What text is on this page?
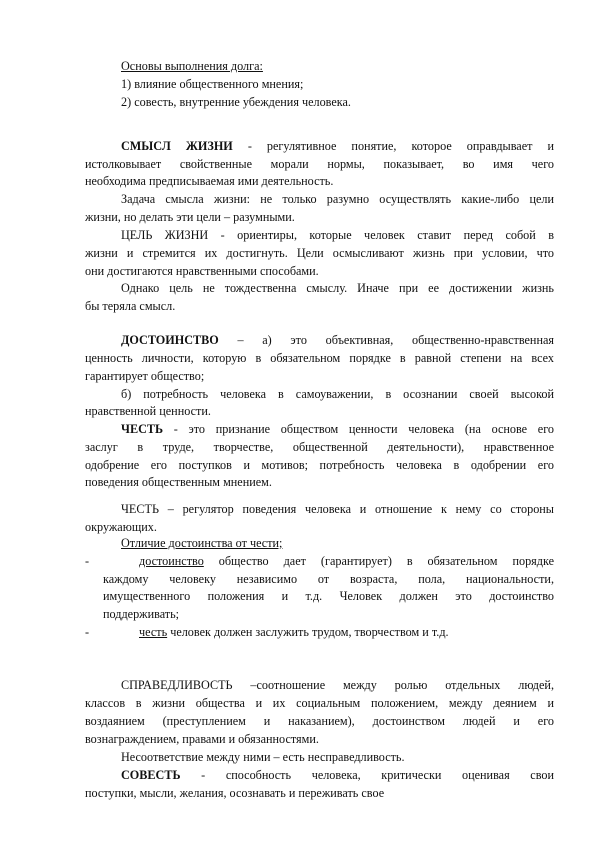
Основы выполнения долга:
1) влияние общественного мнения;
2) совесть, внутренние убеждения человека.
СМЫСЛ ЖИЗНИ - регулятивное понятие, которое оправдывает и
истолковывает свойственные морали нормы, показывает, во имя чего
необходима предписываемая ими деятельность.
Задача смысла жизни: не только разумно осуществлять какие-либо цели
жизни, но делать эти цели – разумными.
ЦЕЛЬ ЖИЗНИ - ориентиры, которые человек ставит перед собой в
жизни и стремится их достигнуть. Цели осмысливают жизнь при условии, что
они достигаются нравственными способами.
Однако цель не тождественна смыслу. Иначе при ее достижении жизнь
бы теряла смысл.
ДОСТОИНСТВО – а) это объективная, общественно-нравственная
ценность личности, которую в обязательном порядке в равной степени на всех
гарантирует общество;
б) потребность человека в самоуважении, в осознании своей высокой
нравственной ценности.
ЧЕСТЬ - это признание обществом ценности человека (на основе его
заслуг в труде, творчестве, общественной деятельности), нравственное
одобрение его поступков и мотивов; потребность человека в одобрении его
поведения общественным мнением.
ЧЕСТЬ – регулятор поведения человека и отношение к нему со стороны
окружающих.
Отличие достоинства от чести;
-	достоинство общество дает (гарантирует) в обязательном порядке
каждому человеку независимо от возраста, пола, национальности,
имущественного положения и т.д. Человек должен это достоинство
поддерживать;
-	честь человек должен заслужить трудом, творчеством и т.д.
СПРАВЕДЛИВОСТЬ –соотношение между ролью отдельных людей,
классов в жизни общества и их социальным положением, между деянием и
воздаянием (преступлением и наказанием), достоинством людей и его
вознаграждением, правами и обязанностями.
Несоответствие между ними – есть несправедливость.
СОВЕСТЬ - способность человека, критически оценивая свои
поступки, мысли, желания, осознавать и переживать свое
